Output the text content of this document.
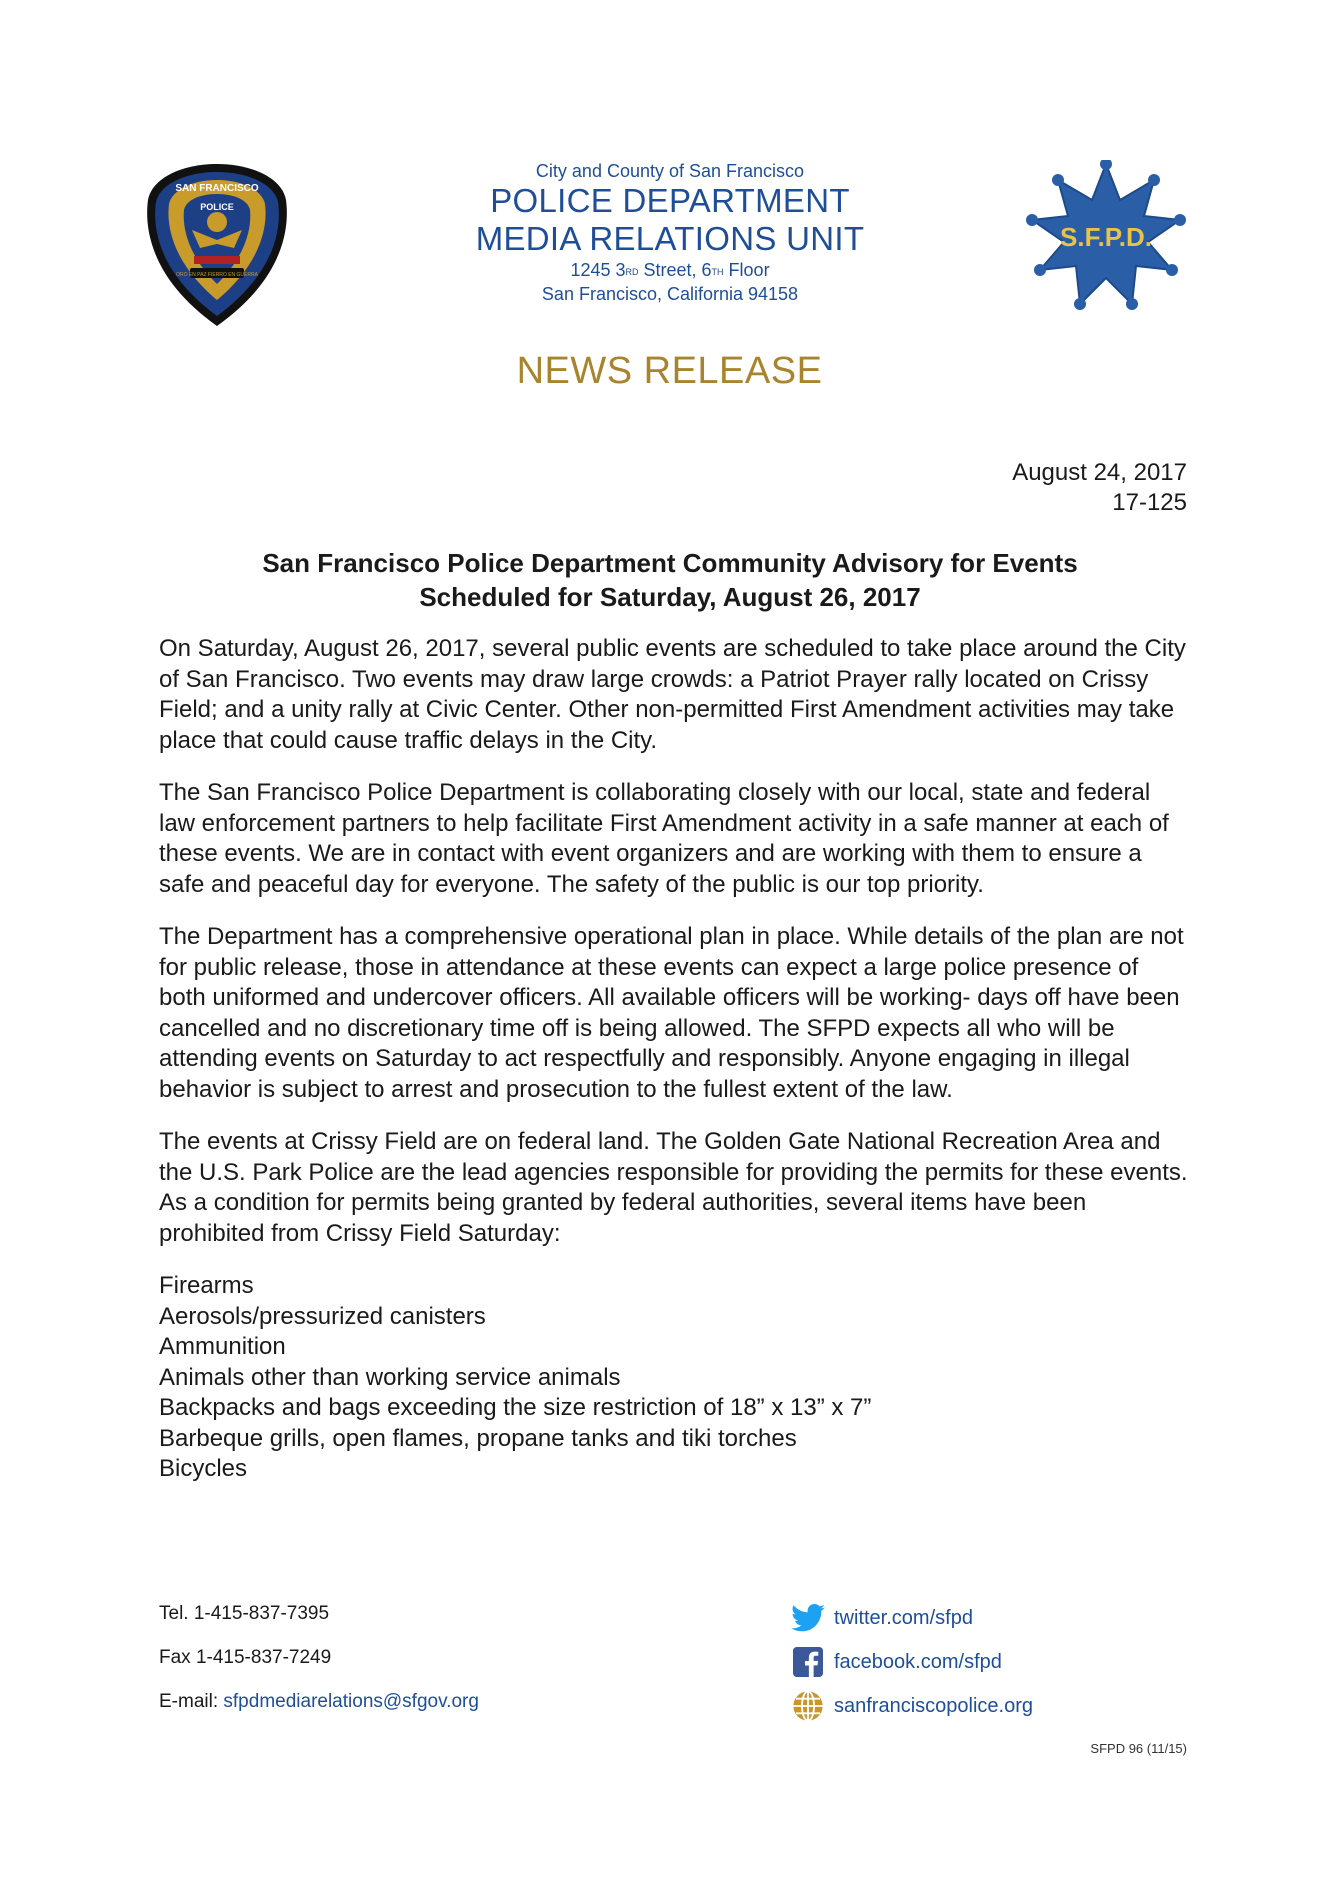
SAN FRANCISCO
POLICE
ORO EN PAZ FIERRO EN GUERRA
City and County of San Francisco
POLICE DEPARTMENT
MEDIA RELATIONS UNIT
1245 3RD Street, 6TH Floor
San Francisco, California 94158
S.F.P.D.
NEWS RELEASE
August 24, 2017
17-125
San Francisco Police Department Community Advisory for Events
Scheduled for Saturday, August 26, 2017

On Saturday, August 26, 2017, several public events are scheduled to take place around the City of San Francisco. Two events may draw large crowds: a Patriot Prayer rally located on Crissy Field; and a unity rally at Civic Center. Other non-permitted First Amendment activities may take place that could cause traffic delays in the City.

The San Francisco Police Department is collaborating closely with our local, state and federal law enforcement partners to help facilitate First Amendment activity in a safe manner at each of these events. We are in contact with event organizers and are working with them to ensure a safe and peaceful day for everyone. The safety of the public is our top priority.

The Department has a comprehensive operational plan in place. While details of the plan are not for public release, those in attendance at these events can expect a large police presence of both uniformed and undercover officers. All available officers will be working- days off have been cancelled and no discretionary time off is being allowed. The SFPD expects all who will be attending events on Saturday to act respectfully and responsibly. Anyone engaging in illegal behavior is subject to arrest and prosecution to the fullest extent of the law.

The events at Crissy Field are on federal land. The Golden Gate National Recreation Area and the U.S. Park Police are the lead agencies responsible for providing the permits for these events. As a condition for permits being granted by federal authorities, several items have been prohibited from Crissy Field Saturday:

Firearms
Aerosols/pressurized canisters
Ammunition
Animals other than working service animals
Backpacks and bags exceeding the size restriction of 18” x 13” x 7”
Barbeque grills, open flames, propane tanks and tiki torches
Bicycles
Tel. 1-415-837-7395
Fax 1-415-837-7249
E-mail: sfpdmediarelations@sfgov.org
twitter.com/sfpd
facebook.com/sfpd
sanfranciscopolice.org
SFPD 96 (11/15)
